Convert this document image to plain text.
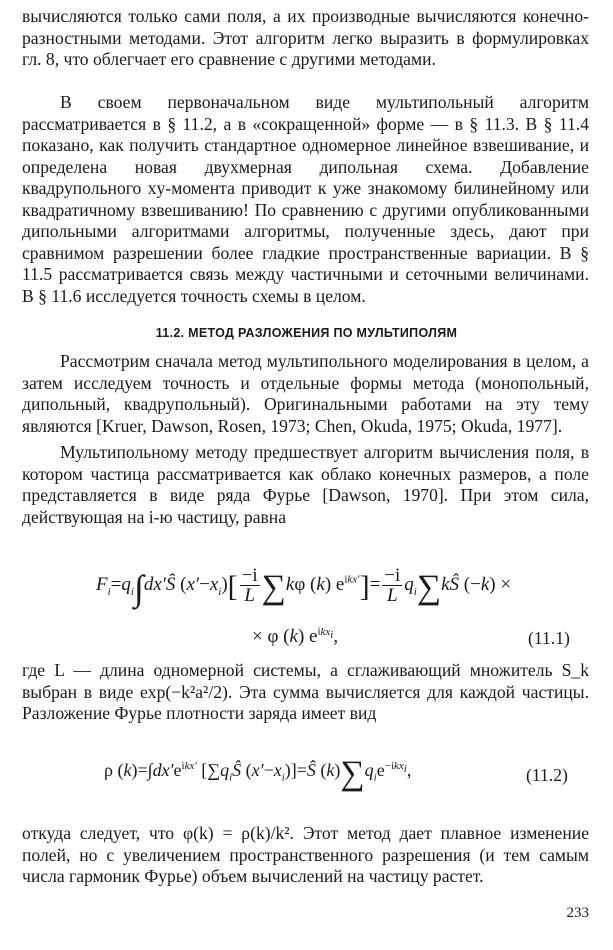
вычисляются только сами поля, а их производные вычисляются конечно-разностными методами. Этот алгоритм легко выразить в формулировках гл. 8, что облегчает его сравнение с другими методами.

В своем первоначальном виде мультипольный алгоритм рассматривается в § 11.2, а в «сокращенной» форме — в § 11.3. В § 11.4 показано, как получить стандартное одномерное линейное взвешивание, и определена новая двухмерная дипольная схема. Добавление квадрупольного xy-момента приводит к уже знакомому билинейному или квадратичному взвешиванию! По сравнению с другими опубликованными дипольными алгоритмами алгоритмы, полученные здесь, дают при сравнимом разрешении более гладкие пространственные вариации. В § 11.5 рассматривается связь между частичными и сеточными величинами. В § 11.6 исследуется точность схемы в целом.

11.2. МЕТОД РАЗЛОЖЕНИЯ ПО МУЛЬТИПОЛЯМ

Рассмотрим сначала метод мультипольного моделирования в целом, а затем исследуем точность и отдельные формы метода (монопольный, дипольный, квадрупольный). Оригинальными работами на эту тему являются [Kruer, Dawson, Rosen, 1973; Chen, Okuda, 1975; Okuda, 1977].

Мультипольному методу предшествует алгоритм вычисления поля, в котором частица рассматривается как облако конечных размеров, а поле представляется в виде ряда Фурье [Dawson, 1970]. При этом сила, действующая на i-ю частицу, равна

$F_i=q_i\int dx'Ŝ$ $(x'-x_i)[ \frac{-i}{L} \sum k\varphi$ (k) $e^{ikx'}]= \frac{-i}{L}$ $q_i\sum kŜ$ (−k) ×
× φ (k) $e^{ikx_i}$,	(11.1)

где L — длина одномерной системы, а сглаживающий множитель S_k выбран в виде exp(−k²a²/2). Эта сумма вычисляется для каждой частицы. Разложение Фурье плотности заряда имеет вид

ρ $(k)=\int dx'e^{ikx'}$ [$\sum q_iŜ$ $(x'-x_i)]=Ŝ$ $(k)\sum q_ie^{-ikx_i}$,	(11.2)

откуда следует, что φ(k) = ρ(k)/k². Этот метод дает плавное изменение полей, но с увеличением пространственного разрешения (и тем самым числа гармоник Фурье) объем вычислений на частицу растет.

233
